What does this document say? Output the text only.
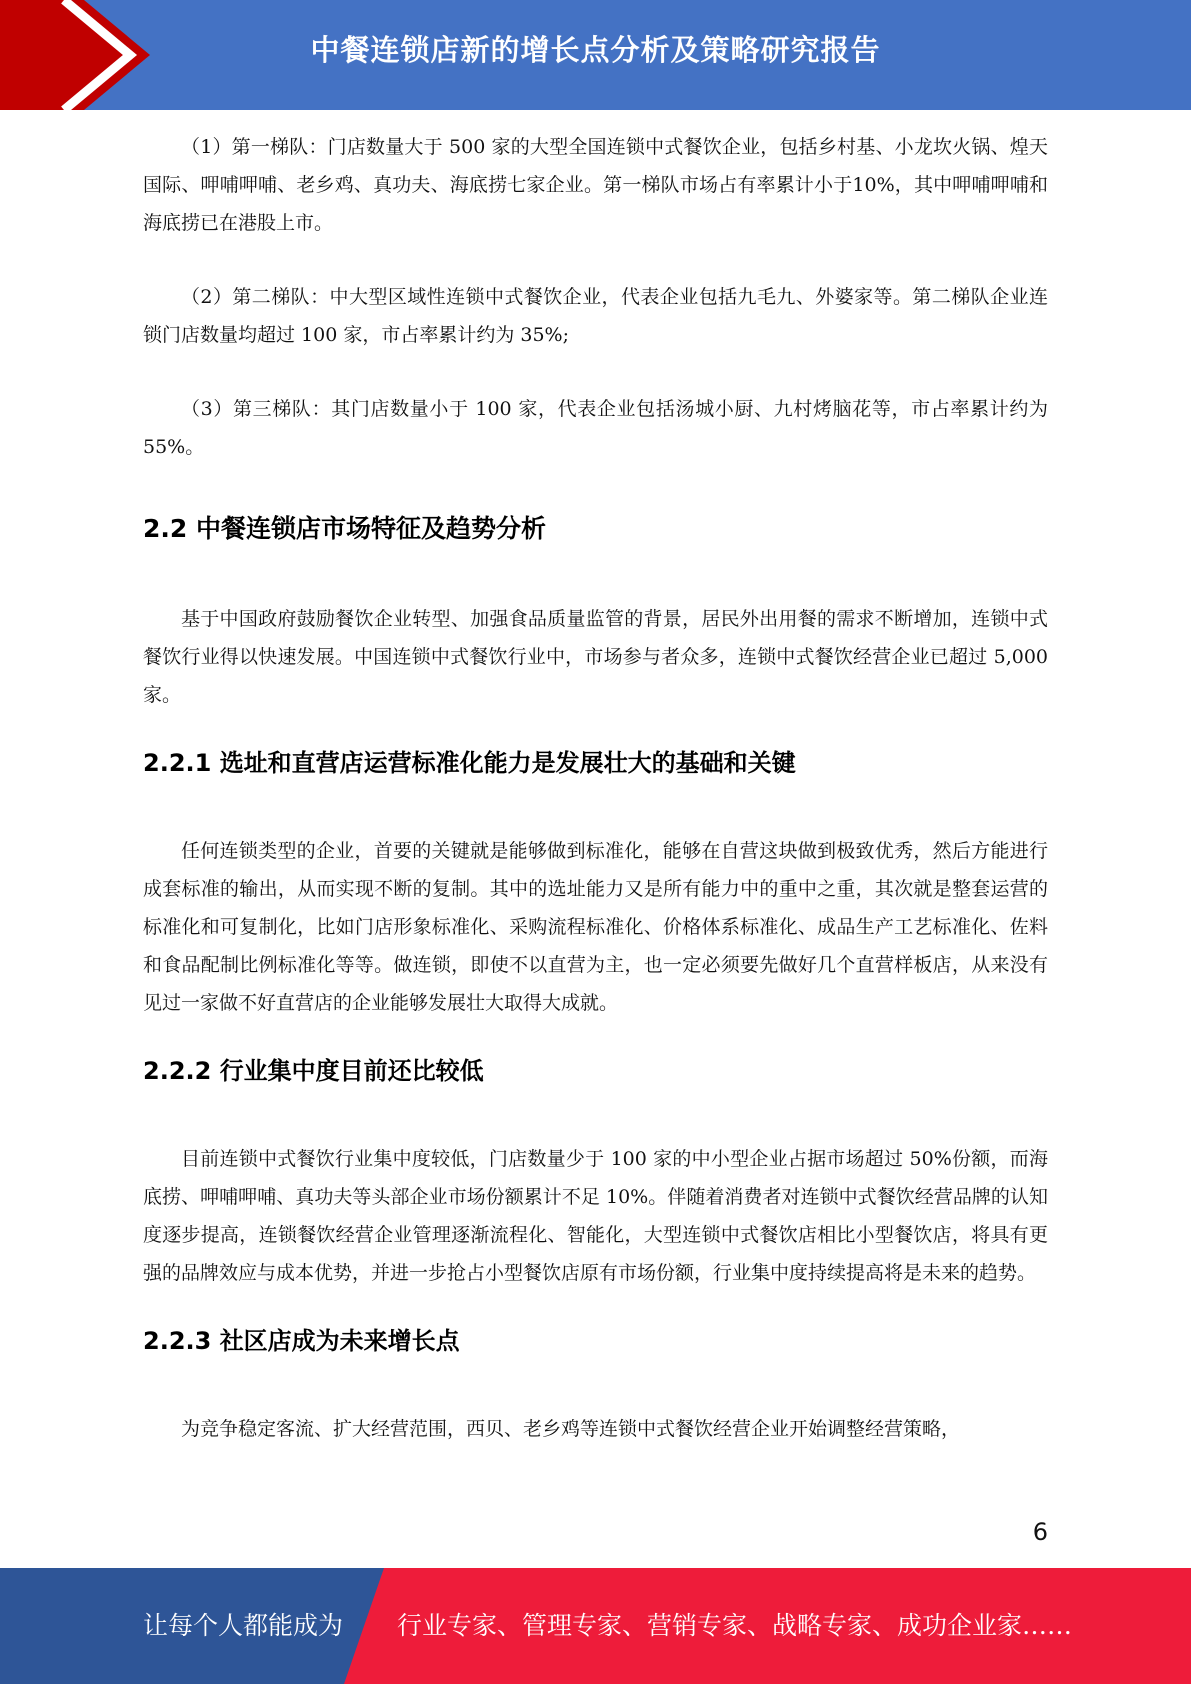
中餐连锁店新的增长点分析及策略研究报告

（1）第一梯队：门店数量大于 500 家的大型全国连锁中式餐饮企业，包括乡村基、小龙坎火锅、煌天国际、呷哺呷哺、老乡鸡、真功夫、海底捞七家企业。第一梯队市场占有率累计小于10%，其中呷哺呷哺和海底捞已在港股上市。

（2）第二梯队：中大型区域性连锁中式餐饮企业，代表企业包括九毛九、外婆家等。第二梯队企业连锁门店数量均超过 100 家，市占率累计约为 35%;

（3）第三梯队：其门店数量小于 100 家，代表企业包括汤城小厨、九村烤脑花等，市占率累计约为 55%。

2.2 中餐连锁店市场特征及趋势分析

基于中国政府鼓励餐饮企业转型、加强食品质量监管的背景，居民外出用餐的需求不断增加，连锁中式餐饮行业得以快速发展。中国连锁中式餐饮行业中，市场参与者众多，连锁中式餐饮经营企业已超过 5,000 家。

2.2.1 选址和直营店运营标准化能力是发展壮大的基础和关键

任何连锁类型的企业，首要的关键就是能够做到标准化，能够在自营这块做到极致优秀，然后方能进行成套标准的输出，从而实现不断的复制。其中的选址能力又是所有能力中的重中之重，其次就是整套运营的标准化和可复制化，比如门店形象标准化、采购流程标准化、价格体系标准化、成品生产工艺标准化、佐料和食品配制比例标准化等等。做连锁，即使不以直营为主，也一定必须要先做好几个直营样板店，从来没有见过一家做不好直营店的企业能够发展壮大取得大成就。

2.2.2 行业集中度目前还比较低

目前连锁中式餐饮行业集中度较低，门店数量少于 100 家的中小型企业占据市场超过 50%份额，而海底捞、呷哺呷哺、真功夫等头部企业市场份额累计不足 10%。伴随着消费者对连锁中式餐饮经营品牌的认知度逐步提高，连锁餐饮经营企业管理逐渐流程化、智能化，大型连锁中式餐饮店相比小型餐饮店，将具有更强的品牌效应与成本优势，并进一步抢占小型餐饮店原有市场份额，行业集中度持续提高将是未来的趋势。

2.2.3 社区店成为未来增长点

为竞争稳定客流、扩大经营范围，西贝、老乡鸡等连锁中式餐饮经营企业开始调整经营策略，

6
让每个人都能成为 行业专家、管理专家、营销专家、战略专家、成功企业家……
